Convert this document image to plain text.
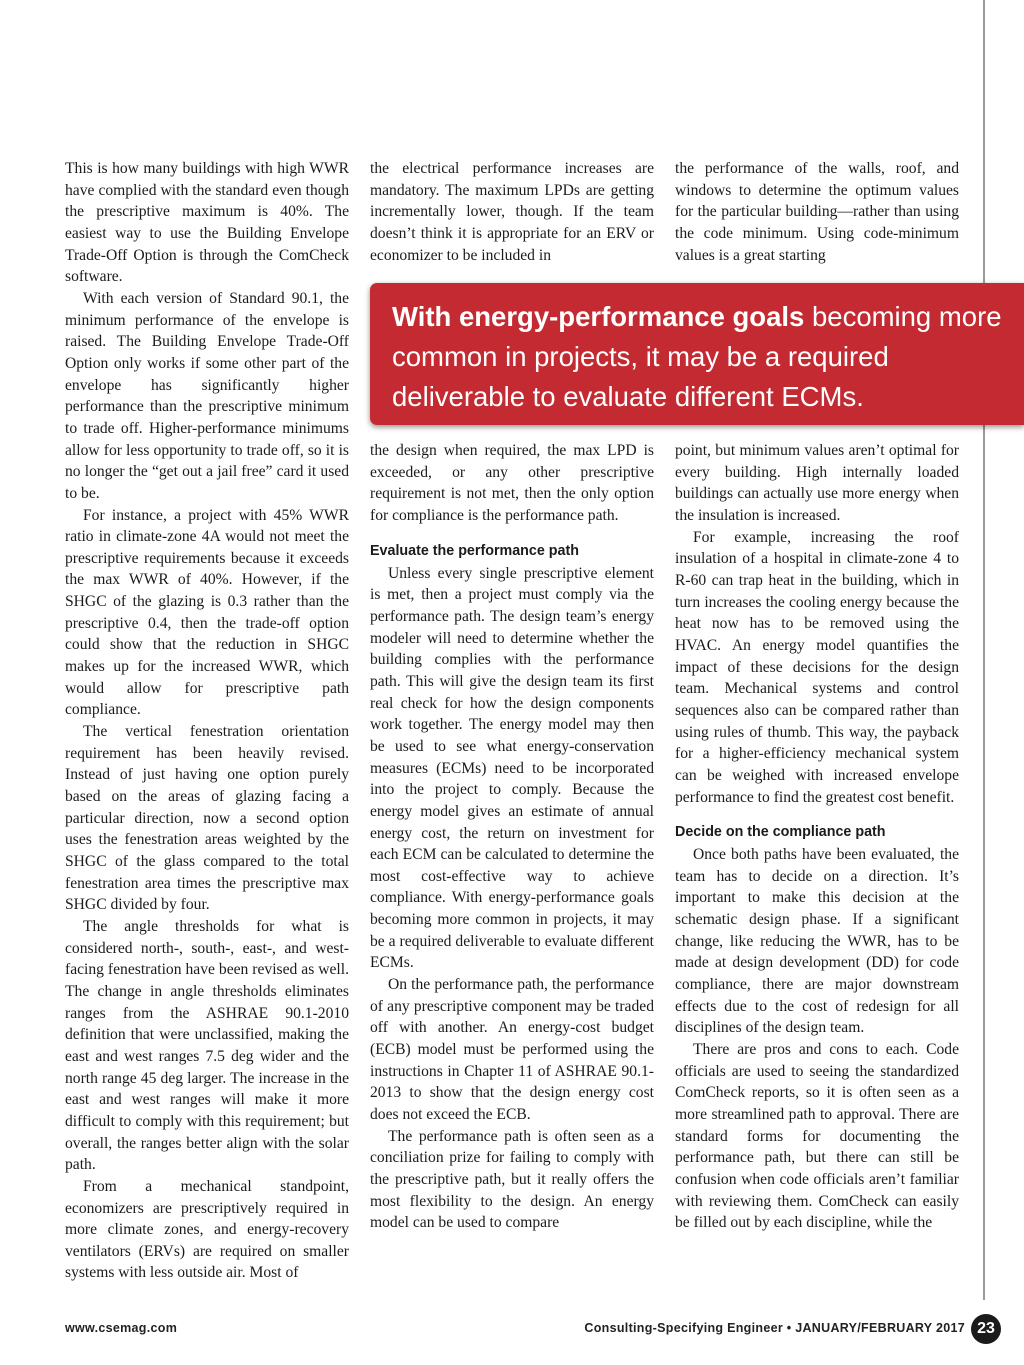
This is how many buildings with high WWR have complied with the standard even though the prescriptive maximum is 40%. The easiest way to use the Building Envelope Trade-Off Option is through the ComCheck software.

With each version of Standard 90.1, the minimum performance of the envelope is raised. The Building Envelope Trade-Off Option only works if some other part of the envelope has significantly higher performance than the prescriptive minimum to trade off. Higher-performance minimums allow for less opportunity to trade off, so it is no longer the “get out a jail free” card it used to be.

For instance, a project with 45% WWR ratio in climate-zone 4A would not meet the prescriptive requirements because it exceeds the max WWR of 40%. However, if the SHGC of the glazing is 0.3 rather than the prescriptive 0.4, then the trade-off option could show that the reduction in SHGC makes up for the increased WWR, which would allow for prescriptive path compliance.

The vertical fenestration orientation requirement has been heavily revised. Instead of just having one option purely based on the areas of glazing facing a particular direction, now a second option uses the fenestration areas weighted by the SHGC of the glass compared to the total fenestration area times the prescriptive max SHGC divided by four.

The angle thresholds for what is considered north-, south-, east-, and west-facing fenestration have been revised as well. The change in angle thresholds eliminates ranges from the ASHRAE 90.1-2010 definition that were unclassified, making the east and west ranges 7.5 deg wider and the north range 45 deg larger. The increase in the east and west ranges will make it more difficult to comply with this requirement; but overall, the ranges better align with the solar path.

From a mechanical standpoint, economizers are prescriptively required in more climate zones, and energy-recovery ventilators (ERVs) are required on smaller systems with less outside air. Most of

the electrical performance increases are mandatory. The maximum LPDs are getting incrementally lower, though. If the team doesn’t think it is appropriate for an ERV or economizer to be included in

the performance of the walls, roof, and windows to determine the optimum values for the particular building—rather than using the code minimum. Using code-minimum values is a great starting

With energy-performance goals becoming more common in projects, it may be a required deliverable to evaluate different ECMs.

the design when required, the max LPD is exceeded, or any other prescriptive requirement is not met, then the only option for compliance is the performance path.

Evaluate the performance path

Unless every single prescriptive element is met, then a project must comply via the performance path. The design team’s energy modeler will need to determine whether the building complies with the performance path. This will give the design team its first real check for how the design components work together. The energy model may then be used to see what energy-conservation measures (ECMs) need to be incorporated into the project to comply. Because the energy model gives an estimate of annual energy cost, the return on investment for each ECM can be calculated to determine the most cost-effective way to achieve compliance. With energy-performance goals becoming more common in projects, it may be a required deliverable to evaluate different ECMs.

On the performance path, the performance of any prescriptive component may be traded off with another. An energy-cost budget (ECB) model must be performed using the instructions in Chapter 11 of ASHRAE 90.1-2013 to show that the design energy cost does not exceed the ECB.

The performance path is often seen as a conciliation prize for failing to comply with the prescriptive path, but it really offers the most flexibility to the design. An energy model can be used to compare

point, but minimum values aren’t optimal for every building. High internally loaded buildings can actually use more energy when the insulation is increased.

For example, increasing the roof insulation of a hospital in climate-zone 4 to R-60 can trap heat in the building, which in turn increases the cooling energy because the heat now has to be removed using the HVAC. An energy model quantifies the impact of these decisions for the design team. Mechanical systems and control sequences also can be compared rather than using rules of thumb. This way, the payback for a higher-efficiency mechanical system can be weighed with increased envelope performance to find the greatest cost benefit.

Decide on the compliance path

Once both paths have been evaluated, the team has to decide on a direction. It’s important to make this decision at the schematic design phase. If a significant change, like reducing the WWR, has to be made at design development (DD) for code compliance, there are major downstream effects due to the cost of redesign for all disciplines of the design team.

There are pros and cons to each. Code officials are used to seeing the standardized ComCheck reports, so it is often seen as a more streamlined path to approval. There are standard forms for documenting the performance path, but there can still be confusion when code officials aren’t familiar with reviewing them. ComCheck can easily be filled out by each discipline, while the

www.csemag.com	Consulting-Specifying Engineer • JANUARY/FEBRUARY 2017 23
